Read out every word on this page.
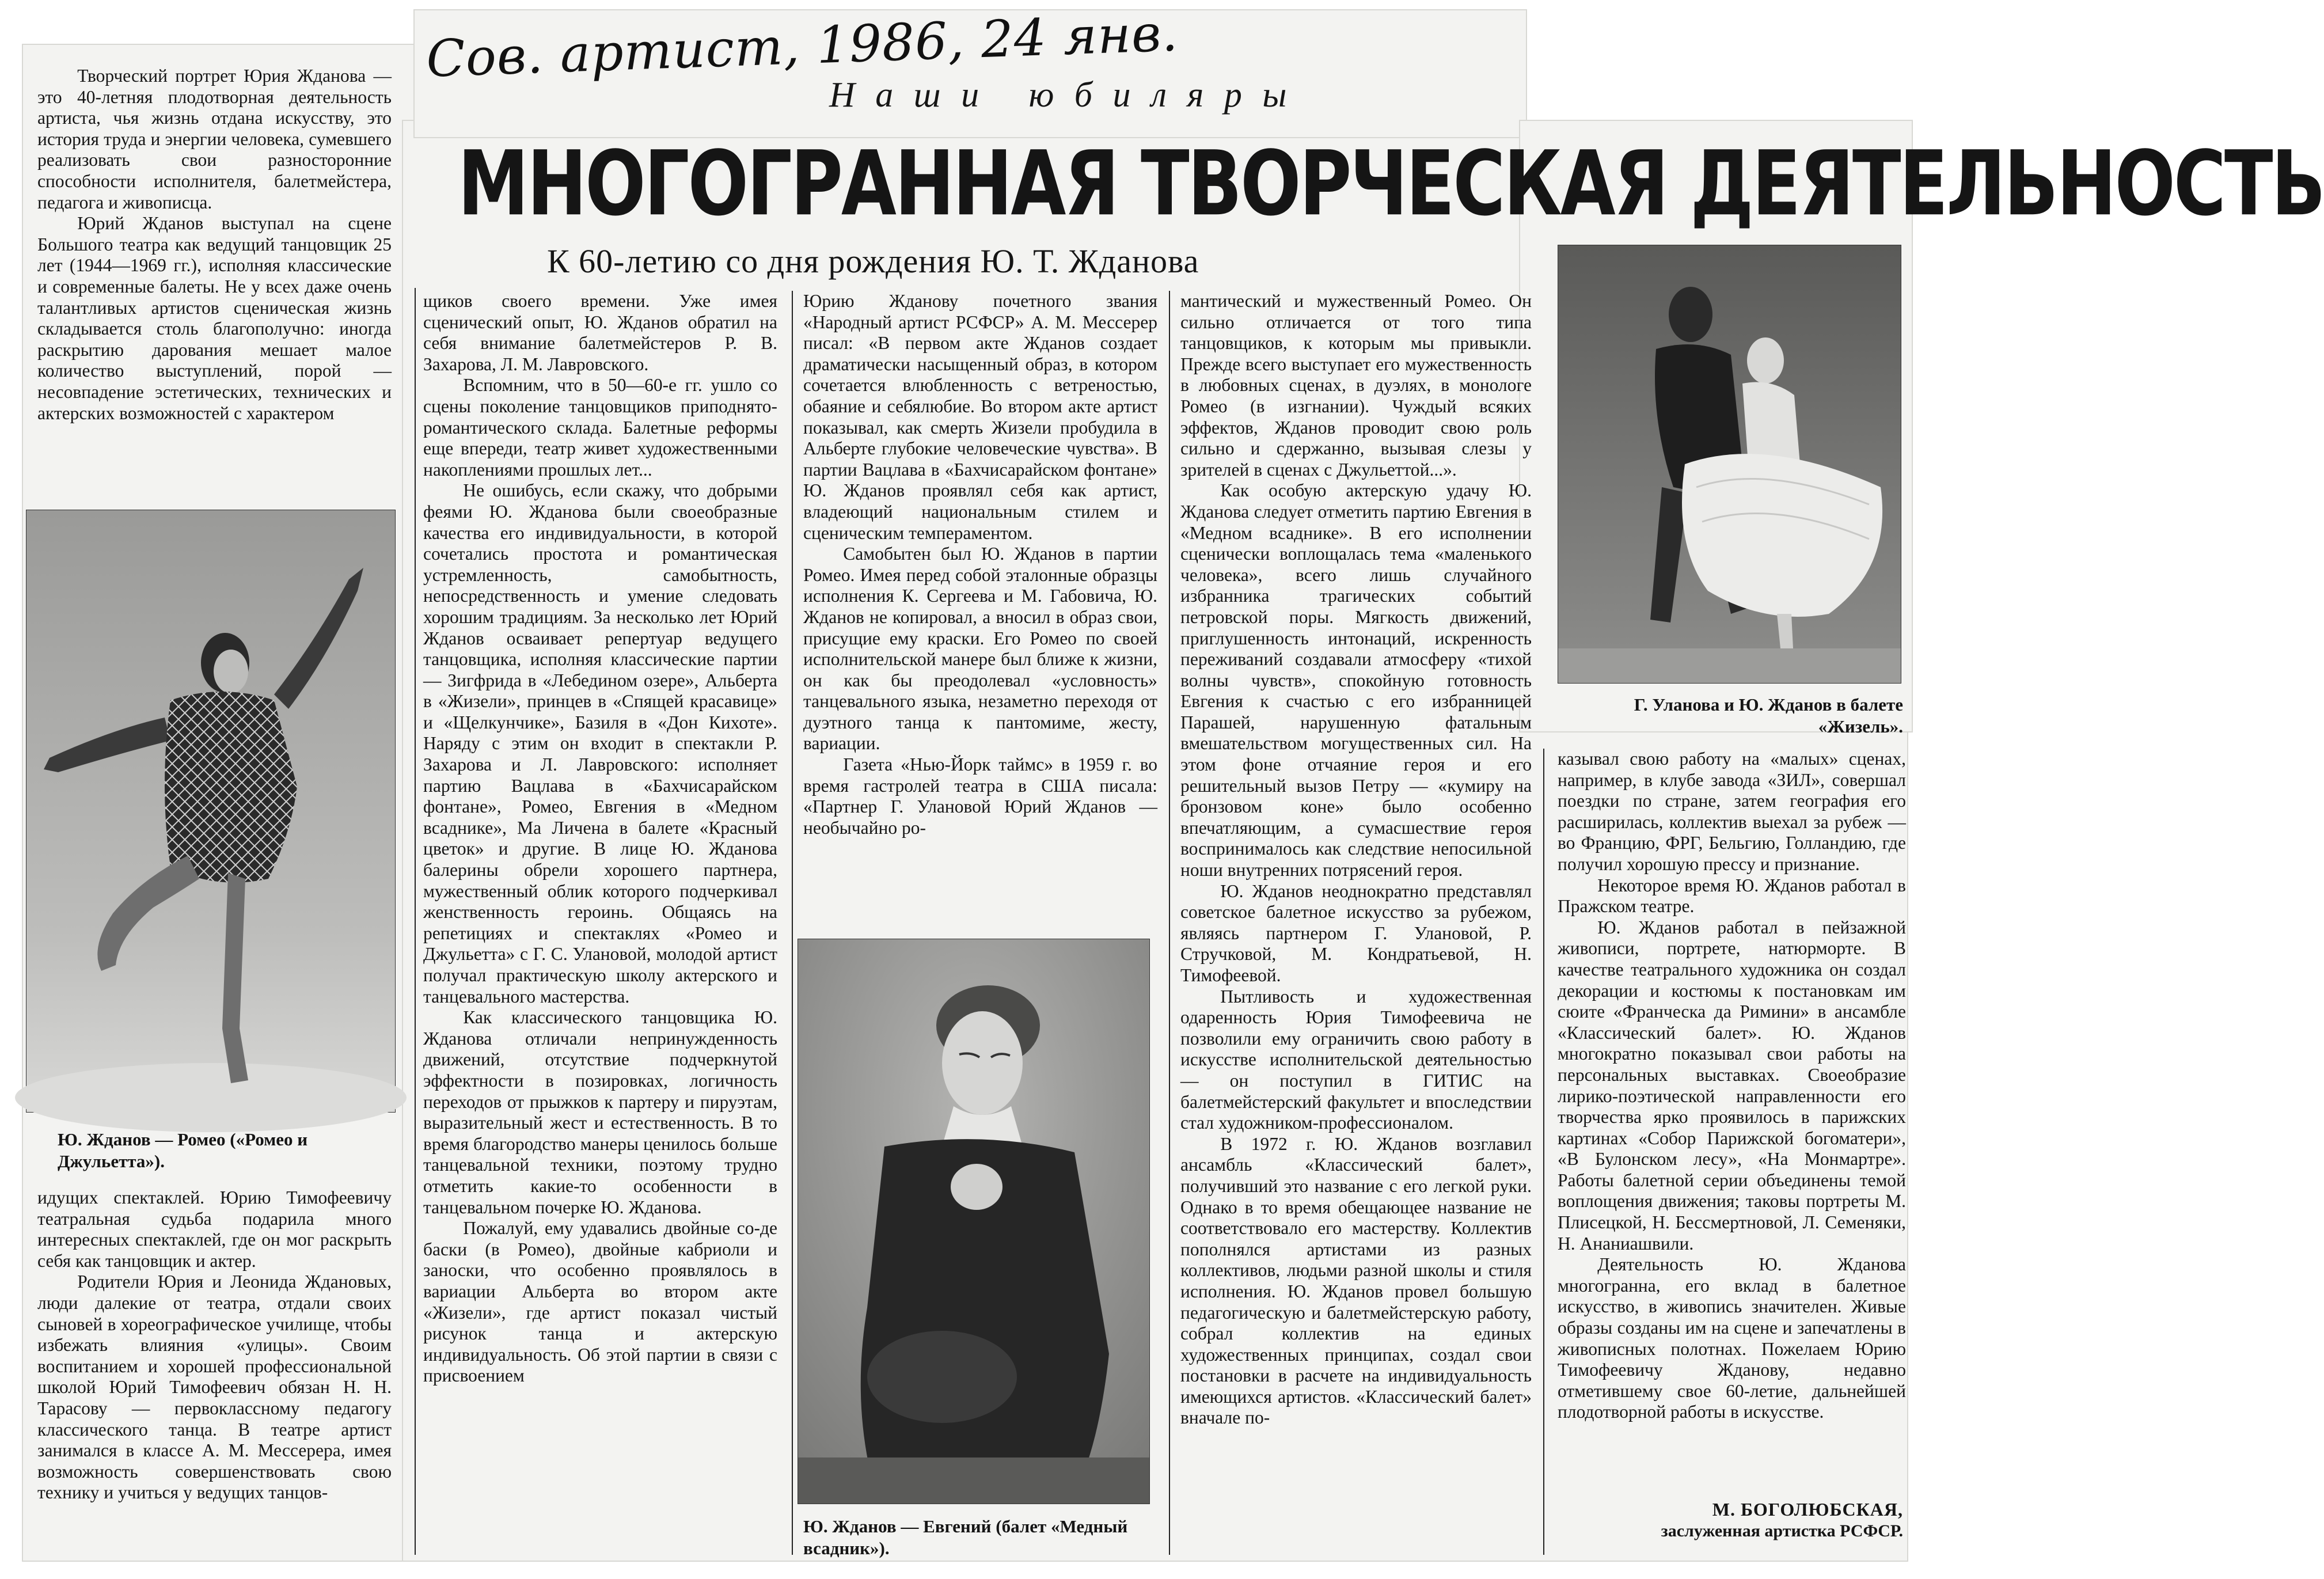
Сов. артист, 1986, 24 янв.
Н а ш и   ю б и л я р ы
МНОГОГРАННАЯ ТВОРЧЕСКАЯ ДЕЯТЕЛЬНОСТЬ
К 60-летию со дня рождения Ю. Т. Жданова

Творческий портрет Юрия Жданова — это 40-летняя плодотворная деятельность артиста, чья жизнь отдана искусству, это история труда и энергии человека, сумевшего реализовать свои разносторонние способности исполнителя, балетмейстера, педагога и живописца.

Юрий Жданов выступал на сцене Большого театра как ведущий танцовщик 25 лет (1944—1969 гг.), исполняя классические и современные балеты. Не у всех даже очень талантливых артистов сценическая жизнь складывается столь благополучно: иногда раскрытию дарования мешает малое количество выступлений, порой — несовпадение эстетических, технических и актерских возможностей с характером

Ю. Жданов — Ромео («Ромео и Джульетта»).

идущих спектаклей. Юрию Тимофеевичу театральная судьба подарила много интересных спектаклей, где он мог раскрыть себя как танцовщик и актер.

Родители Юрия и Леонида Ждановых, люди далекие от театра, отдали своих сыновей в хореографическое училище, чтобы избежать влияния «улицы». Своим воспитанием и хорошей профессиональной школой Юрий Тимофеевич обязан Н. Н. Тарасову — первоклассному педагогу классического танца. В театре артист занимался в классе А. М. Мессерера, имея возможность совершенствовать свою технику и учиться у ведущих танцов-

щиков своего времени. Уже имея сценический опыт, Ю. Жданов обратил на себя внимание балетмейстеров Р. В. Захарова, Л. М. Лавровского.

Вспомним, что в 50—60-е гг. ушло со сцены поколение танцовщиков приподнято-романтического склада. Балетные реформы еще впереди, театр живет художественными накоплениями прошлых лет...

Не ошибусь, если скажу, что добрыми феями Ю. Жданова были своеобразные качества его индивидуальности, в которой сочетались простота и романтическая устремленность, самобытность, непосредственность и умение следовать хорошим традициям. За несколько лет Юрий Жданов осваивает репертуар ведущего танцовщика, исполняя классические партии — Зигфрида в «Лебедином озере», Альберта в «Жизели», принцев в «Спящей красавице» и «Щелкунчике», Базиля в «Дон Кихоте». Наряду с этим он входит в спектакли Р. Захарова и Л. Лавровского: исполняет партию Вацлава в «Бахчисарайском фонтане», Ромео, Евгения в «Медном всаднике», Ма Личена в балете «Красный цветок» и другие. В лице Ю. Жданова балерины обрели хорошего партнера, мужественный облик которого подчеркивал женственность героинь. Общаясь на репетициях и спектаклях «Ромео и Джульетта» с Г. С. Улановой, молодой артист получал практическую школу актерского и танцевального мастерства.

Как классического танцовщика Ю. Жданова отличали непринужденность движений, отсутствие подчеркнутой эффектности в позировках, логичность переходов от прыжков к партеру и пируэтам, выразительный жест и естественность. В то время благородство манеры ценилось больше танцевальной техники, поэтому трудно отметить какие-то особенности в танцевальном почерке Ю. Жданова.

Пожалуй, ему удавались двойные со-де баски (в Ромео), двойные кабриоли и заноски, что особенно проявлялось в вариации Альберта во втором акте «Жизели», где артист показал чистый рисунок танца и актерскую индивидуальность. Об этой партии в связи с присвоением

Юрию Жданову почетного звания «Народный артист РСФСР» А. М. Мессерер писал: «В первом акте Жданов создает драматически насыщенный образ, в котором сочетается влюбленность с ветреностью, обаяние и себялюбие. Во втором акте артист показывал, как смерть Жизели пробудила в Альберте глубокие человеческие чувства». В партии Вацлава в «Бахчисарайском фонтане» Ю. Жданов проявлял себя как артист, владеющий национальным стилем и сценическим темпераментом.

Самобытен был Ю. Жданов в партии Ромео. Имея перед собой эталонные образцы исполнения К. Сергеева и М. Габовича, Ю. Жданов не копировал, а вносил в образ свои, присущие ему краски. Его Ромео по своей исполнительской манере был ближе к жизни, он как бы преодолевал «условность» танцевального языка, незаметно переходя от дуэтного танца к пантомиме, жесту, вариации.

Газета «Нью-Йорк таймс» в 1959 г. во время гастролей театра в США писала: «Партнер Г. Улановой Юрий Жданов — необычайно ро-

Ю. Жданов — Евгений (балет «Медный всадник»).

мантический и мужественный Ромео. Он сильно отличается от того типа танцовщиков, к которым мы привыкли. Прежде всего выступает его мужественность в любовных сценах, в дуэлях, в монологе Ромео (в изгнании). Чуждый всяких эффектов, Жданов проводит свою роль сильно и сдержанно, вызывая слезы у зрителей в сценах с Джульеттой...».

Как особую актерскую удачу Ю. Жданова следует отметить партию Евгения в «Медном всаднике». В его исполнении сценически воплощалась тема «маленького человека», всего лишь случайного избранника трагических событий петровской поры. Мягкость движений, приглушенность интонаций, искренность переживаний создавали атмосферу «тихой волны чувств», спокойную готовность Евгения к счастью с его избранницей Парашей, нарушенную фатальным вмешательством могущественных сил. На этом фоне отчаяние героя и его решительный вызов Петру — «кумиру на бронзовом коне» было особенно впечатляющим, а сумасшествие героя воспринималось как следствие непосильной ноши внутренних потрясений героя.

Ю. Жданов неоднократно представлял советское балетное искусство за рубежом, являясь партнером Г. Улановой, Р. Стручковой, М. Кондратьевой, Н. Тимофеевой.

Пытливость и художественная одаренность Юрия Тимофеевича не позволили ему ограничить свою работу в искусстве исполнительской деятельностью — он поступил в ГИТИС на балетмейстерский факультет и впоследствии стал художником-профессионалом.

В 1972 г. Ю. Жданов возглавил ансамбль «Классический балет», получивший это название с его легкой руки. Однако в то время обещающее название не соответствовало его мастерству. Коллектив пополнялся артистами из разных коллективов, людьми разной школы и стиля исполнения. Ю. Жданов провел большую педагогическую и балетмейстерскую работу, собрал коллектив на единых художественных принципах, создал свои постановки в расчете на индивидуальность имеющихся артистов. «Классический балет» вначале по-

Г. Уланова и Ю. Жданов в балете «Жизель».

казывал свою работу на «малых» сценах, например, в клубе завода «ЗИЛ», совершал поездки по стране, затем география его расширилась, коллектив выехал за рубеж — во Францию, ФРГ, Бельгию, Голландию, где получил хорошую прессу и признание.

Некоторое время Ю. Жданов работал в Пражском театре.

Ю. Жданов работал в пейзажной живописи, портрете, натюрморте. В качестве театрального художника он создал декорации и костюмы к постановкам им сюите «Франческа да Римини» в ансамбле «Классический балет». Ю. Жданов многократно показывал свои работы на персональных выставках. Своеобразие лирико-поэтической направленности его творчества ярко проявилось в парижских картинах «Собор Парижской богоматери», «В Булонском лесу», «На Монмартре». Работы балетной серии объединены темой воплощения движения; таковы портреты М. Плисецкой, Н. Бессмертновой, Л. Семеняки, Н. Ананиашвили.

Деятельность Ю. Жданова многогранна, его вклад в балетное искусство, в живопись значителен. Живые образы созданы им на сцене и запечатлены в живописных полотнах. Пожелаем Юрию Тимофеевичу Жданову, недавно отметившему свое 60-летие, дальнейшей плодотворной работы в искусстве.

М. БОГОЛЮБСКАЯ,
заслуженная артистка РСФСР.
